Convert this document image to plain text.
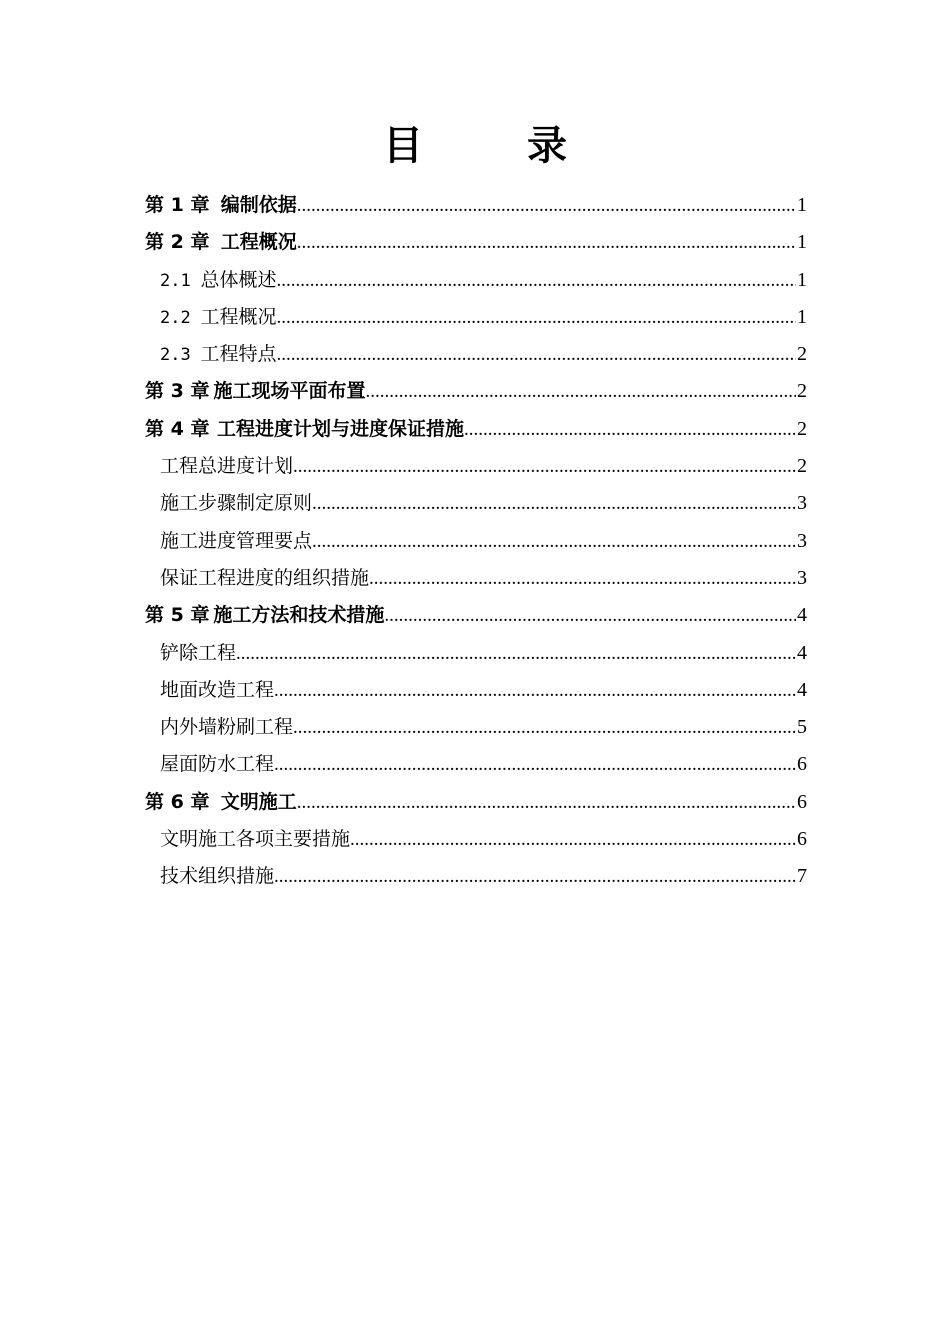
目	录
第 1 章 编制依据 .....	1
第 2 章 工程概况 .....	1
2.1 总体概述 .....	1
2.2 工程概况 .....	1
2.3 工程特点 .....	2
第 3 章 施工现场平面布置 .....	2
第 4 章 工程进度计划与进度保证措施 .....	2
工程总进度计划 .....	2
施工步骤制定原则 .....	3
施工进度管理要点 .....	3
保证工程进度的组织措施 .....	3
第 5 章 施工方法和技术措施 .....	4
铲除工程 .....	4
地面改造工程 .....	4
内外墙粉刷工程 .....	5
屋面防水工程 .....	6
第 6 章 文明施工 .....	6
文明施工各项主要措施 .....	6
技术组织措施 .....	7
